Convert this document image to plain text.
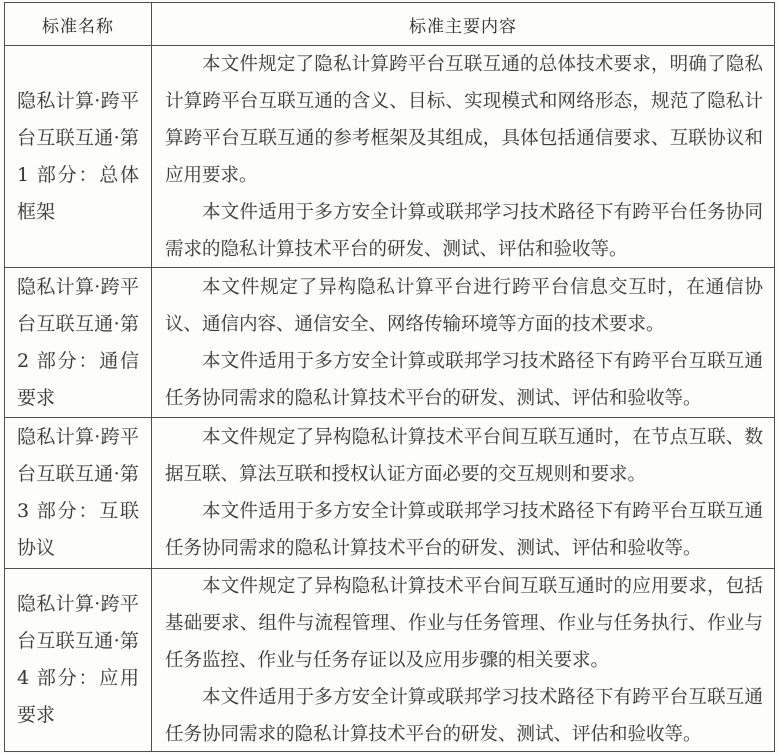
标准名称	标准主要内容
隐私计算·跨平台互联互通·第 1 部分：总体框架

本文件规定了隐私计算跨平台互联互通的总体技术要求，明确了隐私计算跨平台互联互通的含义、目标、实现模式和网络形态，规范了隐私计算跨平台互联互通的参考框架及其组成，具体包括通信要求、互联协议和应用要求。

本文件适用于多方安全计算或联邦学习技术路径下有跨平台任务协同需求的隐私计算技术平台的研发、测试、评估和验收等。

隐私计算·跨平台互联互通·第 2 部分：通信要求

本文件规定了异构隐私计算平台进行跨平台信息交互时，在通信协议、通信内容、通信安全、网络传输环境等方面的技术要求。

本文件适用于多方安全计算或联邦学习技术路径下有跨平台互联互通任务协同需求的隐私计算技术平台的研发、测试、评估和验收等。

隐私计算·跨平台互联互通·第 3 部分：互联协议

本文件规定了异构隐私计算技术平台间互联互通时，在节点互联、数据互联、算法互联和授权认证方面必要的交互规则和要求。

本文件适用于多方安全计算或联邦学习技术路径下有跨平台互联互通任务协同需求的隐私计算技术平台的研发、测试、评估和验收等。

隐私计算·跨平台互联互通·第 4 部分：应用要求

本文件规定了异构隐私计算技术平台间互联互通时的应用要求，包括基础要求、组件与流程管理、作业与任务管理、作业与任务执行、作业与任务监控、作业与任务存证以及应用步骤的相关要求。

本文件适用于多方安全计算或联邦学习技术路径下有跨平台互联互通任务协同需求的隐私计算技术平台的研发、测试、评估和验收等。
